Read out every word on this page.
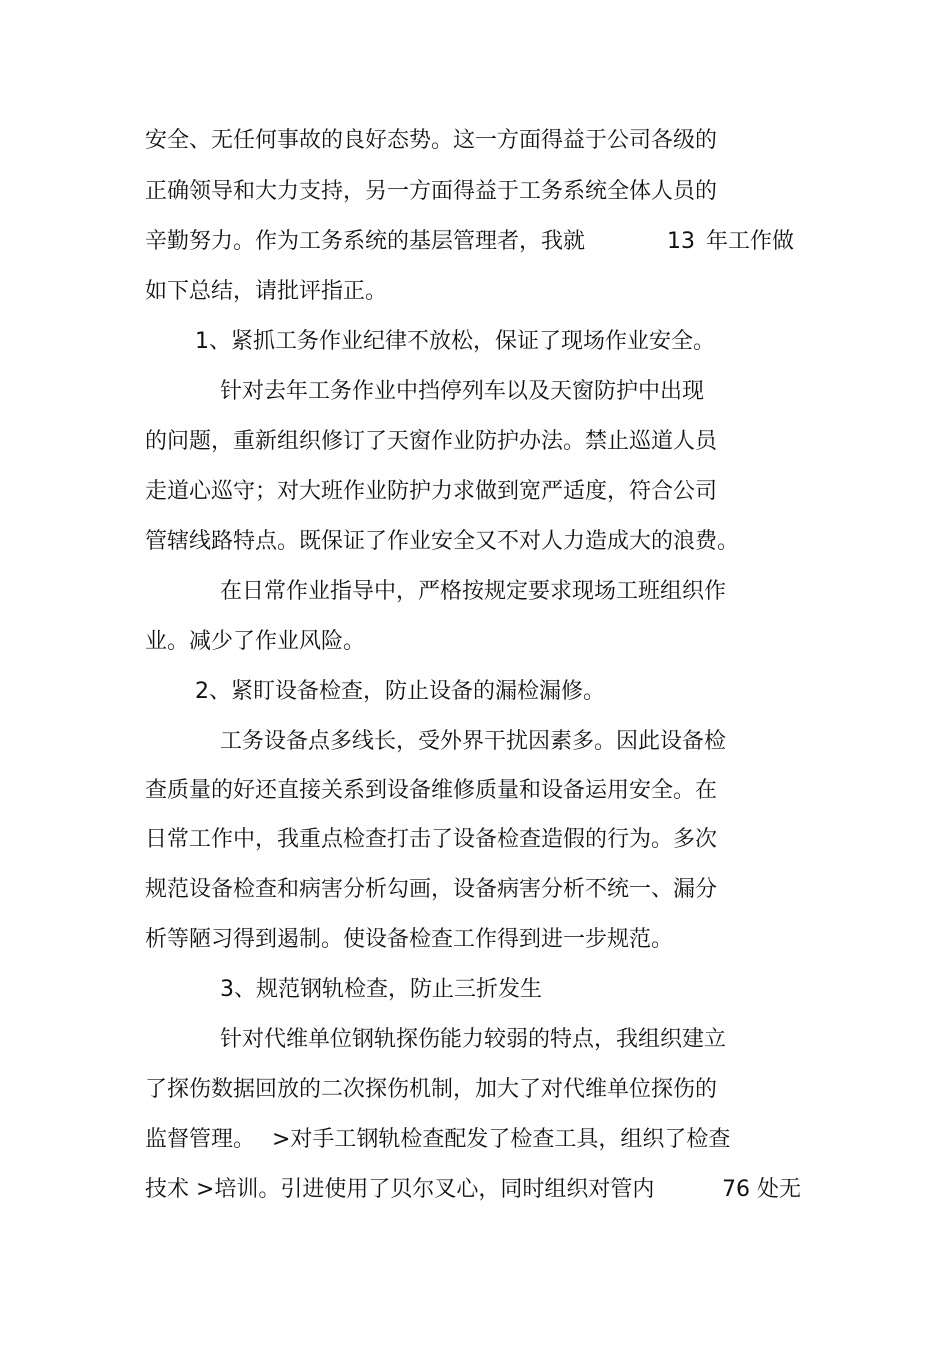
安全、无任何事故的良好态势。这一方面得益于公司各级的
正确领导和大力支持，另一方面得益于工务系统全体人员的
辛勤努力。作为工务系统的基层管理者，我就	13 年工作做
如下总结，请批评指正。
1、紧抓工务作业纪律不放松，保证了现场作业安全。
针对去年工务作业中挡停列车以及天窗防护中出现
的问题，重新组织修订了天窗作业防护办法。禁止巡道人员
走道心巡守；对大班作业防护力求做到宽严适度，符合公司
管辖线路特点。既保证了作业安全又不对人力造成大的浪费。
在日常作业指导中，严格按规定要求现场工班组织作
业。减少了作业风险。
2、紧盯设备检查，防止设备的漏检漏修。
工务设备点多线长，受外界干扰因素多。因此设备检
查质量的好还直接关系到设备维修质量和设备运用安全。在
日常工作中，我重点检查打击了设备检查造假的行为。多次
规范设备检查和病害分析勾画，设备病害分析不统一、漏分
析等陋习得到遏制。使设备检查工作得到进一步规范。
3、规范钢轨检查，防止三折发生
针对代维单位钢轨探伤能力较弱的特点，我组织建立
了探伤数据回放的二次探伤机制，加大了对代维单位探伤的
监督管理。 >对手工钢轨检查配发了检查工具，组织了检查
技术 >培训。引进使用了贝尔叉心，同时组织对管内	76 处无
